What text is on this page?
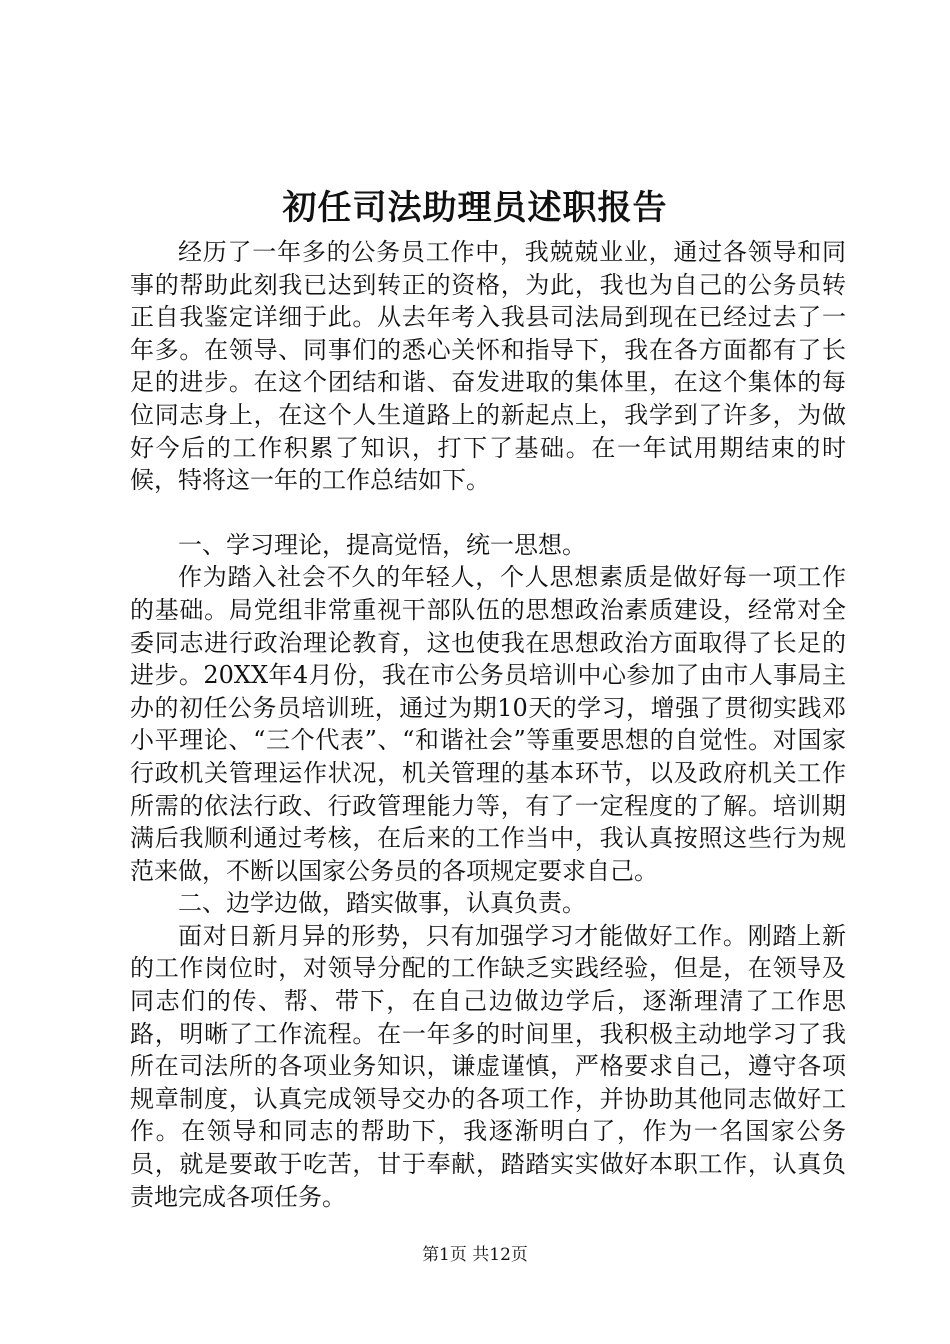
初任司法助理员述职报告

经历了一年多的公务员工作中，我兢兢业业，通过各领导和同事的帮助此刻我已达到转正的资格，为此，我也为自己的公务员转正自我鉴定详细于此。从去年考入我县司法局到现在已经过去了一年多。在领导、同事们的悉心关怀和指导下，我在各方面都有了长足的进步。在这个团结和谐、奋发进取的集体里，在这个集体的每位同志身上，在这个人生道路上的新起点上，我学到了许多，为做好今后的工作积累了知识，打下了基础。在一年试用期结束的时候，特将这一年的工作总结如下。

一、学习理论，提高觉悟，统一思想。

作为踏入社会不久的年轻人，个人思想素质是做好每一项工作的基础。局党组非常重视干部队伍的思想政治素质建设，经常对全委同志进行政治理论教育，这也使我在思想政治方面取得了长足的进步。20XX年4月份，我在市公务员培训中心参加了由市人事局主办的初任公务员培训班，通过为期10天的学习，增强了贯彻实践邓小平理论、“三个代表”、“和谐社会”等重要思想的自觉性。对国家行政机关管理运作状况，机关管理的基本环节，以及政府机关工作所需的依法行政、行政管理能力等，有了一定程度的了解。培训期满后我顺利通过考核，在后来的工作当中，我认真按照这些行为规范来做，不断以国家公务员的各项规定要求自己。

二、边学边做，踏实做事，认真负责。

面对日新月异的形势，只有加强学习才能做好工作。刚踏上新的工作岗位时，对领导分配的工作缺乏实践经验，但是，在领导及同志们的传、帮、带下，在自己边做边学后，逐渐理清了工作思路，明晰了工作流程。在一年多的时间里，我积极主动地学习了我所在司法所的各项业务知识，谦虚谨慎，严格要求自己，遵守各项规章制度，认真完成领导交办的各项工作，并协助其他同志做好工作。在领导和同志的帮助下，我逐渐明白了，作为一名国家公务员，就是要敢于吃苦，甘于奉献，踏踏实实做好本职工作，认真负责地完成各项任务。

第1页 共12页
